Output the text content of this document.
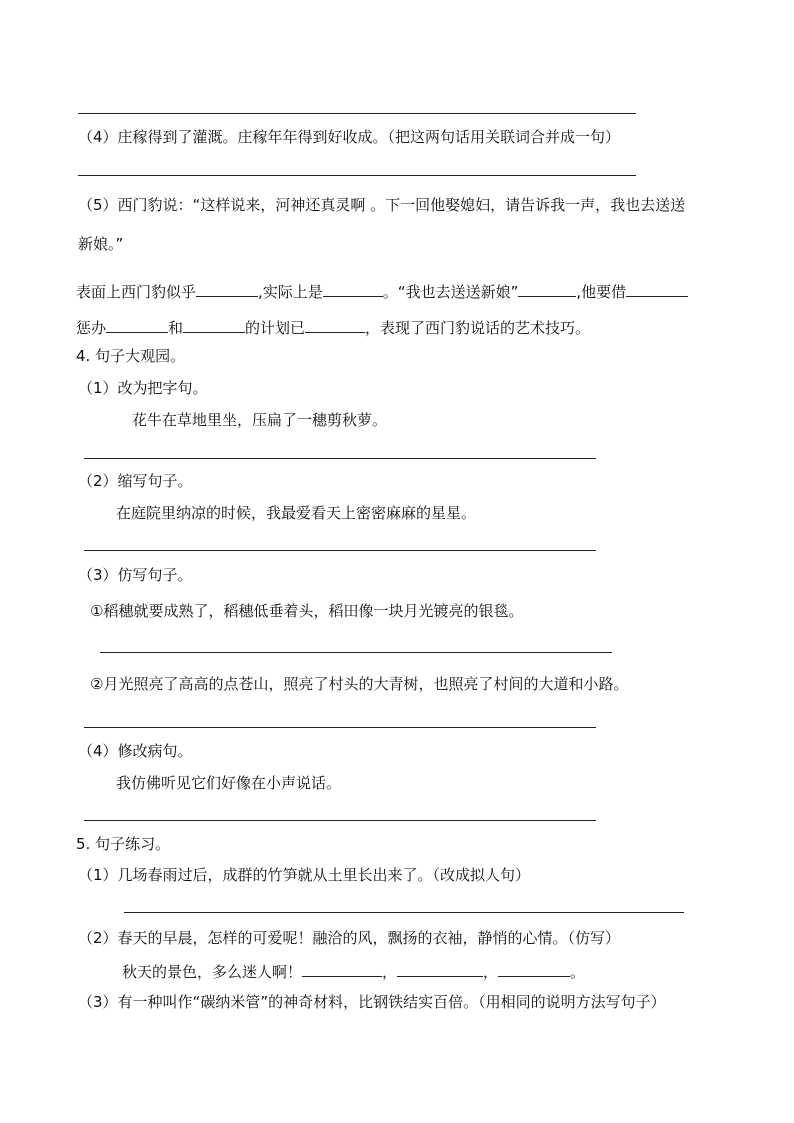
（4）庄稼得到了灌溉。庄稼年年得到好收成。（把这两句话用关联词合并成一句）
（5）西门豹说：“这样说来，河神还真灵啊 。下一回他娶媳妇，请告诉我一声，我也去送送
新娘。”
表面上西门豹似乎	,实际上是	。“我也去送送新娘”	,他要借
惩办	和	的计划已	，表现了西门豹说话的艺术技巧。
4. 句子大观园。
（1）改为把字句。
花牛在草地里坐，压扁了一穗剪秋萝。
（2）缩写句子。
在庭院里纳凉的时候，我最爱看天上密密麻麻的星星。
（3）仿写句子。
①稻穗就要成熟了，稻穗低垂着头，稻田像一块月光镀亮的银毯。
②月光照亮了高高的点苍山，照亮了村头的大青树，也照亮了村间的大道和小路。
（4）修改病句。
我仿佛听见它们好像在小声说话。
5. 句子练习。
（1）几场春雨过后，成群的竹笋就从土里长出来了。（改成拟人句）
（2）春天的早晨，怎样的可爱呢！融洽的风，飘扬的衣袖，静悄的心情。（仿写）
秋天的景色，多么迷人啊！	，	，	。
（3）有一种叫作“碳纳米管”的神奇材料，比钢铁结实百倍。（用相同的说明方法写句子）
